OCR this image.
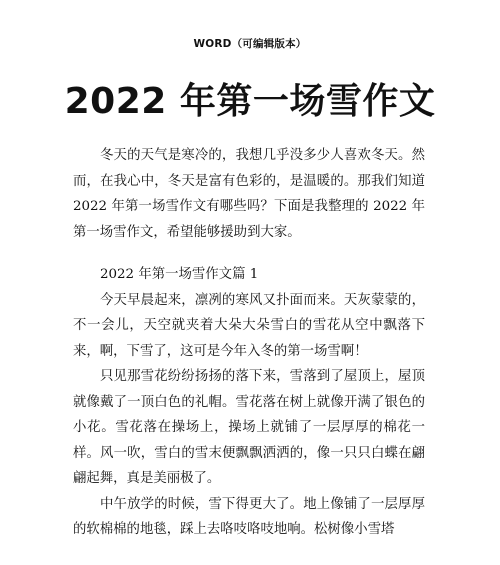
WORD（可编辑版本）
2022 年第一场雪作文

冬天的天气是寒冷的，我想几乎没多少人喜欢冬天。然而，在我心中，冬天是富有色彩的，是温暖的。那我们知道 2022 年第一场雪作文有哪些吗？下面是我整理的 2022 年第一场雪作文，希望能够援助到大家。

2022 年第一场雪作文篇 1

今天早晨起来，凛冽的寒风又扑面而来。天灰蒙蒙的，不一会儿，天空就夹着大朵大朵雪白的雪花从空中飘落下来，啊，下雪了，这可是今年入冬的第一场雪啊！

只见那雪花纷纷扬扬的落下来，雪落到了屋顶上，屋顶就像戴了一顶白色的礼帽。雪花落在树上就像开满了银色的小花。雪花落在操场上，操场上就铺了一层厚厚的棉花一样。风一吹，雪白的雪末便飘飘洒洒的，像一只只白蝶在翩翩起舞，真是美丽极了。

中午放学的时候，雪下得更大了。地上像铺了一层厚厚的软棉棉的地毯，踩上去咯吱咯吱地响。松树像小雪塔
